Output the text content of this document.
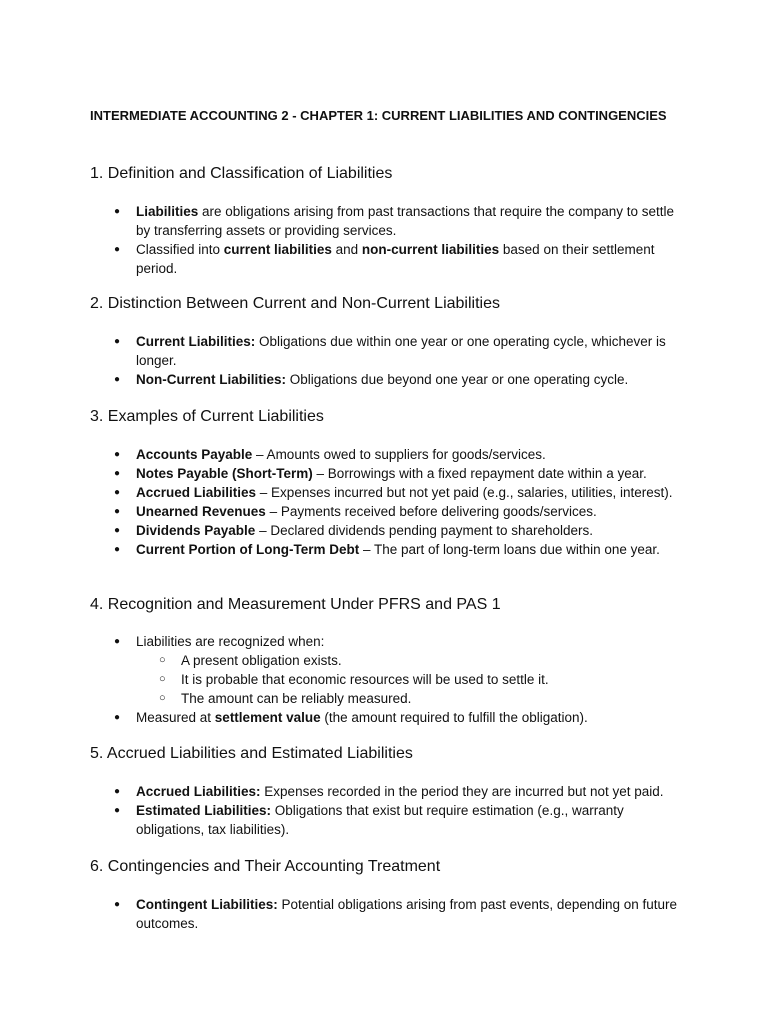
INTERMEDIATE ACCOUNTING 2 - CHAPTER 1: CURRENT LIABILITIES AND CONTINGENCIES
1. Definition and Classification of Liabilities
● Liabilities are obligations arising from past transactions that require the company to settle by transferring assets or providing services.
● Classified into current liabilities and non-current liabilities based on their settlement period.
2. Distinction Between Current and Non-Current Liabilities
● Current Liabilities: Obligations due within one year or one operating cycle, whichever is longer.
● Non-Current Liabilities: Obligations due beyond one year or one operating cycle.
3. Examples of Current Liabilities
● Accounts Payable – Amounts owed to suppliers for goods/services.
● Notes Payable (Short-Term) – Borrowings with a fixed repayment date within a year.
● Accrued Liabilities – Expenses incurred but not yet paid (e.g., salaries, utilities, interest).
● Unearned Revenues – Payments received before delivering goods/services.
● Dividends Payable – Declared dividends pending payment to shareholders.
● Current Portion of Long-Term Debt – The part of long-term loans due within one year.
4. Recognition and Measurement Under PFRS and PAS 1
● Liabilities are recognized when:
○ A present obligation exists.
○ It is probable that economic resources will be used to settle it.
○ The amount can be reliably measured.
● Measured at settlement value (the amount required to fulfill the obligation).
5. Accrued Liabilities and Estimated Liabilities
● Accrued Liabilities: Expenses recorded in the period they are incurred but not yet paid.
● Estimated Liabilities: Obligations that exist but require estimation (e.g., warranty obligations, tax liabilities).
6. Contingencies and Their Accounting Treatment
● Contingent Liabilities: Potential obligations arising from past events, depending on future outcomes.
